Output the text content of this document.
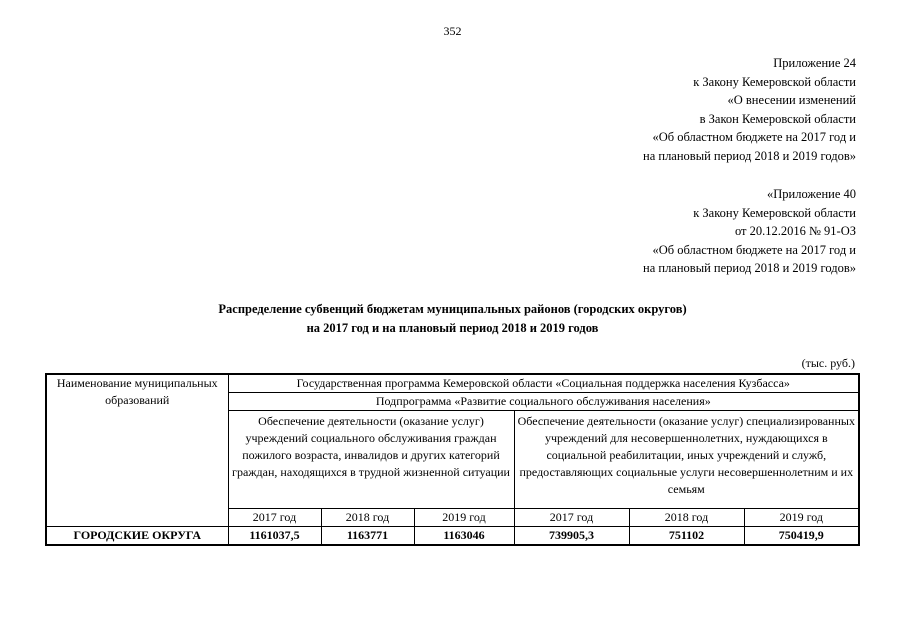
352
Приложение 24
к Закону Кемеровской области
«О внесении изменений
в Закон Кемеровской области
«Об областном бюджете на 2017 год и
на плановый период 2018 и 2019 годов»
«Приложение 40
к Закону Кемеровской области
от 20.12.2016 № 91-ОЗ
«Об областном бюджете на 2017 год и
на плановый период 2018 и 2019 годов»
Распределение субвенций бюджетам муниципальных районов (городских округов)
на 2017 год и на плановый период 2018 и 2019 годов
(тыс. руб.)
Наименование муниципальных образований	Государственная программа Кемеровской области «Социальная поддержка населения Кузбасса»					
	Подпрограмма «Развитие социального обслуживания населения»					
	Обеспечение деятельности (оказание услуг) учреждений социального обслуживания граждан пожилого возраста, инвалидов и других категорий граждан, находящихся в трудной жизненной ситуации			Обеспечение деятельности (оказание услуг) специализированных учреждений для несовершеннолетних, нуждающихся в социальной реабилитации, иных учреждений и служб, предоставляющих социальные услуги несовершеннолетним и их семьям		
	2017 год	2018 год	2019 год	2017 год	2018 год	2019 год
ГОРОДСКИЕ ОКРУГА	1161037,5	1163771	1163046	739905,3	751102	750419,9
